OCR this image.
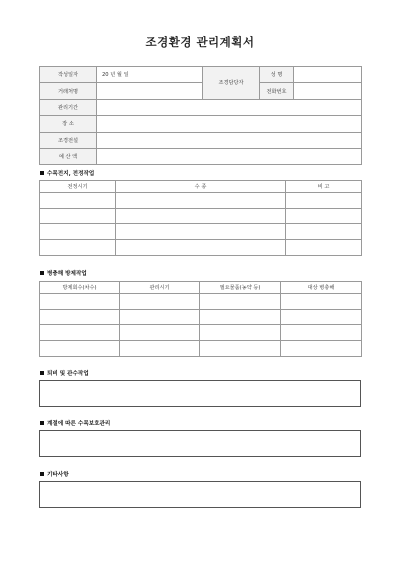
조경환경 관리계획서
작성일자	20 년 월 일	조경담당자	성 명	
거래처명			전화번호	
관리기간				
장 소				
조경전설				
예 산 액				
수목전지, 전정작업
전정시기	수 종	비 고

병충해 방제작업
방제회수(차수)	관리시기	필요물품(농약 등)	대상 병충해

퇴비 및 관수작업
계절에 따른 수목보호관리
기타사항
